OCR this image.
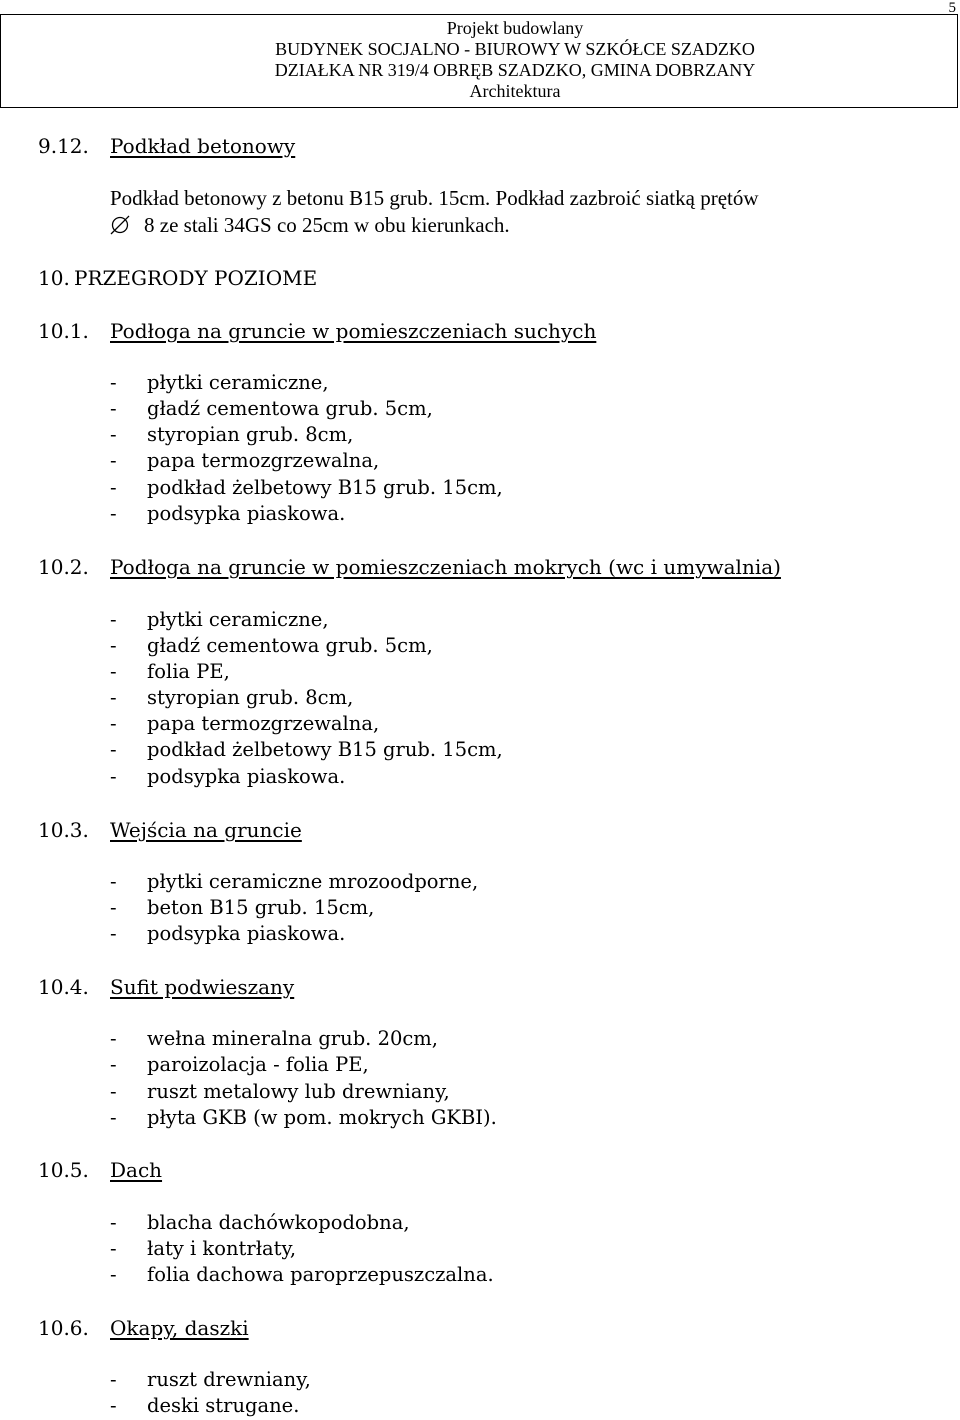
5
Projekt budowlany
BUDYNEK SOCJALNO - BIUROWY W SZKÓŁCE SZADZKO
DZIAŁKA NR 319/4 OBRĘB SZADZKO, GMINA DOBRZANY
Architektura
9.12. Podkład betonowy
Podkład betonowy z betonu B15 grub. 15cm. Podkład zazbroić siatką prętów
8 ze stali 34GS co 25cm w obu kierunkach.
10. PRZEGRODY POZIOME
10.1. Podłoga na gruncie w pomieszczeniach suchych
- płytki ceramiczne,
- gładź cementowa grub. 5cm,
- styropian grub. 8cm,
- papa termozgrzewalna,
- podkład żelbetowy B15 grub. 15cm,
- podsypka piaskowa.
10.2. Podłoga na gruncie w pomieszczeniach mokrych (wc i umywalnia)
- płytki ceramiczne,
- gładź cementowa grub. 5cm,
- folia PE,
- styropian grub. 8cm,
- papa termozgrzewalna,
- podkład żelbetowy B15 grub. 15cm,
- podsypka piaskowa.
10.3. Wejścia na gruncie
- płytki ceramiczne mrozoodporne,
- beton B15 grub. 15cm,
- podsypka piaskowa.
10.4. Sufit podwieszany
- wełna mineralna grub. 20cm,
- paroizolacja - folia PE,
- ruszt metalowy lub drewniany,
- płyta GKB (w pom. mokrych GKBI).
10.5. Dach
- blacha dachówkopodobna,
- łaty i kontrłaty,
- folia dachowa paroprzepuszczalna.
10.6. Okapy, daszki
- ruszt drewniany,
- deski strugane.
